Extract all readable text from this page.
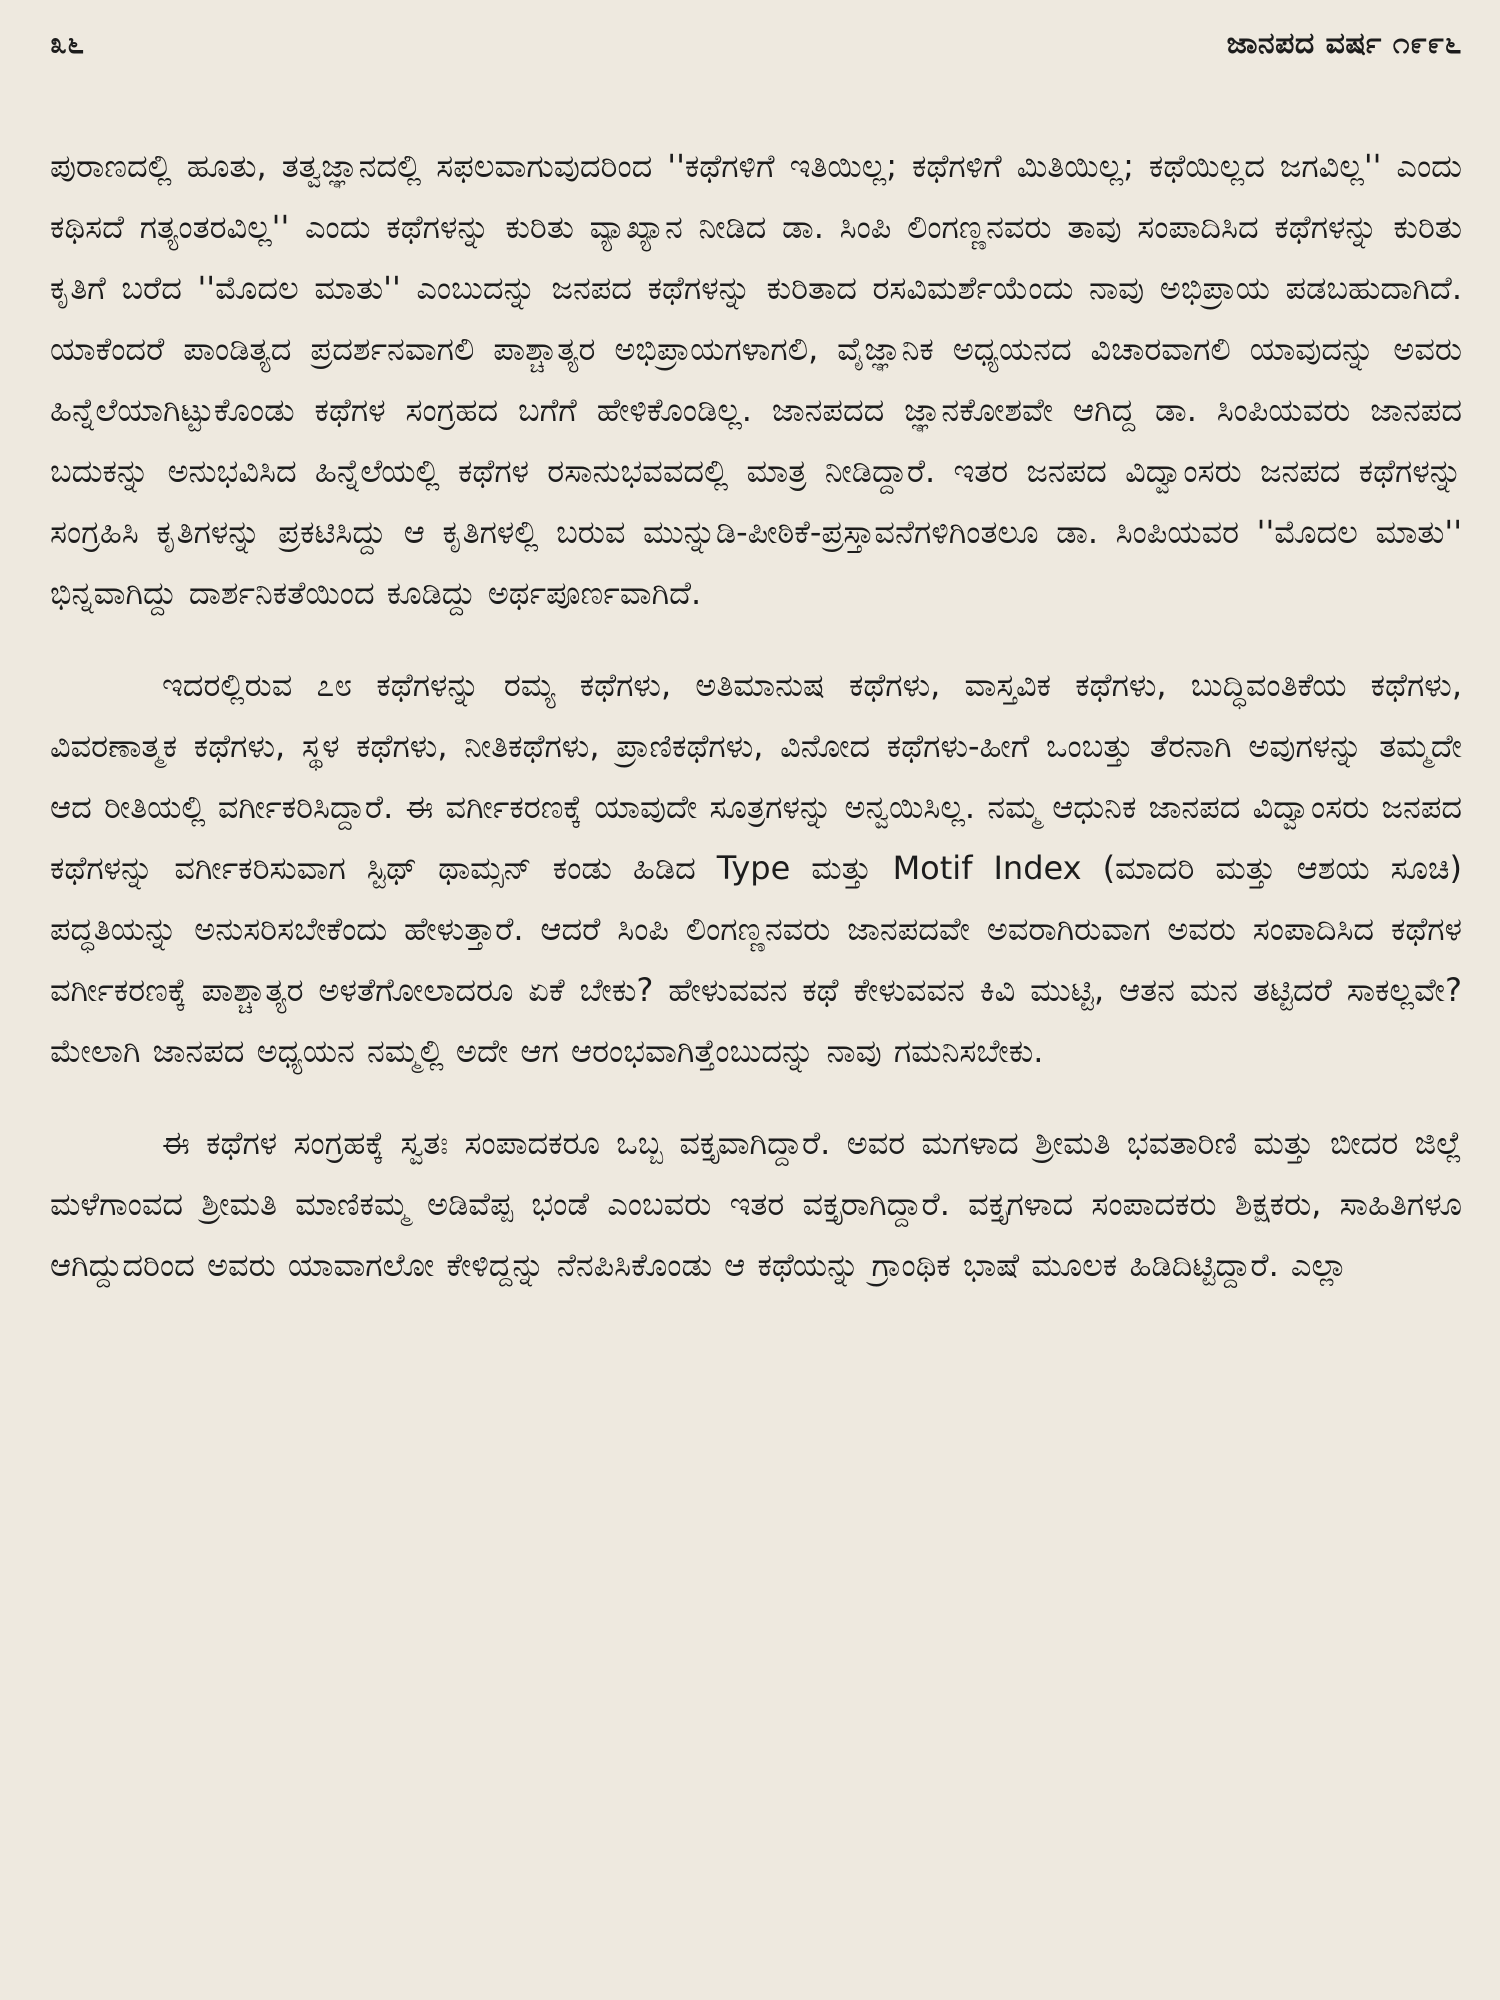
೩೬	ಜಾನಪದ ವರ್ಷ ೧೯೯೬

ಪುರಾಣದಲ್ಲಿ ಹೂತು, ತತ್ವಜ್ಞಾನದಲ್ಲಿ ಸಫಲವಾಗುವುದರಿಂದ ''ಕಥೆಗಳಿಗೆ ಇತಿಯಿಲ್ಲ; ಕಥೆಗಳಿಗೆ ಮಿತಿಯಿಲ್ಲ; ಕಥೆಯಿಲ್ಲದ ಜಗವಿಲ್ಲ'' ಎಂದು ಕಥಿಸದೆ ಗತ್ಯಂತರವಿಲ್ಲ'' ಎಂದು ಕಥೆಗಳನ್ನು ಕುರಿತು ವ್ಯಾಖ್ಯಾನ ನೀಡಿದ ಡಾ. ಸಿಂಪಿ ಲಿಂಗಣ್ಣನವರು ತಾವು ಸಂಪಾದಿಸಿದ ಕಥೆಗಳನ್ನು ಕುರಿತು ಕೃತಿಗೆ ಬರೆದ ''ಮೊದಲ ಮಾತು'' ಎಂಬುದನ್ನು ಜನಪದ ಕಥೆಗಳನ್ನು ಕುರಿತಾದ ರಸವಿಮರ್ಶೆಯೆಂದು ನಾವು ಅಭಿಪ್ರಾಯ ಪಡಬಹುದಾಗಿದೆ. ಯಾಕೆಂದರೆ ಪಾಂಡಿತ್ಯದ ಪ್ರದರ್ಶನವಾಗಲಿ ಪಾಶ್ಚಾತ್ಯರ ಅಭಿಪ್ರಾಯಗಳಾಗಲಿ, ವೈಜ್ಞಾನಿಕ ಅಧ್ಯಯನದ ವಿಚಾರವಾಗಲಿ ಯಾವುದನ್ನು ಅವರು ಹಿನ್ನೆಲೆಯಾಗಿಟ್ಟುಕೊಂಡು ಕಥೆಗಳ ಸಂಗ್ರಹದ ಬಗೆಗೆ ಹೇಳಿಕೊಂಡಿಲ್ಲ. ಜಾನಪದದ ಜ್ಞಾನಕೋಶವೇ ಆಗಿದ್ದ ಡಾ. ಸಿಂಪಿಯವರು ಜಾನಪದ ಬದುಕನ್ನು ಅನುಭವಿಸಿದ ಹಿನ್ನೆಲೆಯಲ್ಲಿ ಕಥೆಗಳ ರಸಾನುಭವವದಲ್ಲಿ ಮಾತ್ರ ನೀಡಿದ್ದಾರೆ. ಇತರ ಜನಪದ ವಿದ್ವಾಂಸರು ಜನಪದ ಕಥೆಗಳನ್ನು ಸಂಗ್ರಹಿಸಿ ಕೃತಿಗಳನ್ನು ಪ್ರಕಟಿಸಿದ್ದು ಆ ಕೃತಿಗಳಲ್ಲಿ ಬರುವ ಮುನ್ನುಡಿ-ಪೀಠಿಕೆ-ಪ್ರಸ್ತಾವನೆಗಳಿಗಿಂತಲೂ ಡಾ. ಸಿಂಪಿಯವರ ''ಮೊದಲ ಮಾತು'' ಭಿನ್ನವಾಗಿದ್ದು ದಾರ್ಶನಿಕತೆಯಿಂದ ಕೂಡಿದ್ದು ಅರ್ಥಪೂರ್ಣವಾಗಿದೆ.

ಇದರಲ್ಲಿರುವ ೭೮ ಕಥೆಗಳನ್ನು ರಮ್ಯ ಕಥೆಗಳು, ಅತಿಮಾನುಷ ಕಥೆಗಳು, ವಾಸ್ತವಿಕ ಕಥೆಗಳು, ಬುದ್ಧಿವಂತಿಕೆಯ ಕಥೆಗಳು, ವಿವರಣಾತ್ಮಕ ಕಥೆಗಳು, ಸ್ಥಳ ಕಥೆಗಳು, ನೀತಿಕಥೆಗಳು, ಪ್ರಾಣಿಕಥೆಗಳು, ವಿನೋದ ಕಥೆಗಳು-ಹೀಗೆ ಒಂಬತ್ತು ತೆರನಾಗಿ ಅವುಗಳನ್ನು ತಮ್ಮದೇ ಆದ ರೀತಿಯಲ್ಲಿ ವರ್ಗೀಕರಿಸಿದ್ದಾರೆ. ಈ ವರ್ಗೀಕರಣಕ್ಕೆ ಯಾವುದೇ ಸೂತ್ರಗಳನ್ನು ಅನ್ವಯಿಸಿಲ್ಲ. ನಮ್ಮ ಆಧುನಿಕ ಜಾನಪದ ವಿದ್ವಾಂಸರು ಜನಪದ ಕಥೆಗಳನ್ನು ವರ್ಗೀಕರಿಸುವಾಗ ಸ್ಟಿಥ್ ಥಾಮ್ಸನ್ ಕಂಡು ಹಿಡಿದ Type ಮತ್ತು Motif Index (ಮಾದರಿ ಮತ್ತು ಆಶಯ ಸೂಚಿ) ಪದ್ಧತಿಯನ್ನು ಅನುಸರಿಸಬೇಕೆಂದು ಹೇಳುತ್ತಾರೆ. ಆದರೆ ಸಿಂಪಿ ಲಿಂಗಣ್ಣನವರು ಜಾನಪದವೇ ಅವರಾಗಿರುವಾಗ ಅವರು ಸಂಪಾದಿಸಿದ ಕಥೆಗಳ ವರ್ಗೀಕರಣಕ್ಕೆ ಪಾಶ್ಚಾತ್ಯರ ಅಳತೆಗೋಲಾದರೂ ಏಕೆ ಬೇಕು? ಹೇಳುವವನ ಕಥೆ ಕೇಳುವವನ ಕಿವಿ ಮುಟ್ಟಿ, ಆತನ ಮನ ತಟ್ಟಿದರೆ ಸಾಕಲ್ಲವೇ? ಮೇಲಾಗಿ ಜಾನಪದ ಅಧ್ಯಯನ ನಮ್ಮಲ್ಲಿ ಅದೇ ಆಗ ಆರಂಭವಾಗಿತ್ತೆಂಬುದನ್ನು ನಾವು ಗಮನಿಸಬೇಕು.

ಈ ಕಥೆಗಳ ಸಂಗ್ರಹಕ್ಕೆ ಸ್ವತಃ ಸಂಪಾದಕರೂ ಒಬ್ಬ ವಕ್ತೃವಾಗಿದ್ದಾರೆ. ಅವರ ಮಗಳಾದ ಶ್ರೀಮತಿ ಭವತಾರಿಣಿ ಮತ್ತು ಬೀದರ ಜಿಲ್ಲೆ ಮಳೆಗಾಂವದ ಶ್ರೀಮತಿ ಮಾಣಿಕಮ್ಮ ಅಡಿವೆಪ್ಪ ಭಂಡೆ ಎಂಬವರು ಇತರ ವಕ್ತೃರಾಗಿದ್ದಾರೆ. ವಕ್ತೃಗಳಾದ ಸಂಪಾದಕರು ಶಿಕ್ಷಕರು, ಸಾಹಿತಿಗಳೂ ಆಗಿದ್ದುದರಿಂದ ಅವರು ಯಾವಾಗಲೋ ಕೇಳಿದ್ದನ್ನು ನೆನಪಿಸಿಕೊಂಡು ಆ ಕಥೆಯನ್ನು ಗ್ರಾಂಥಿಕ ಭಾಷೆ ಮೂಲಕ ಹಿಡಿದಿಟ್ಟಿದ್ದಾರೆ. ಎಲ್ಲಾ
